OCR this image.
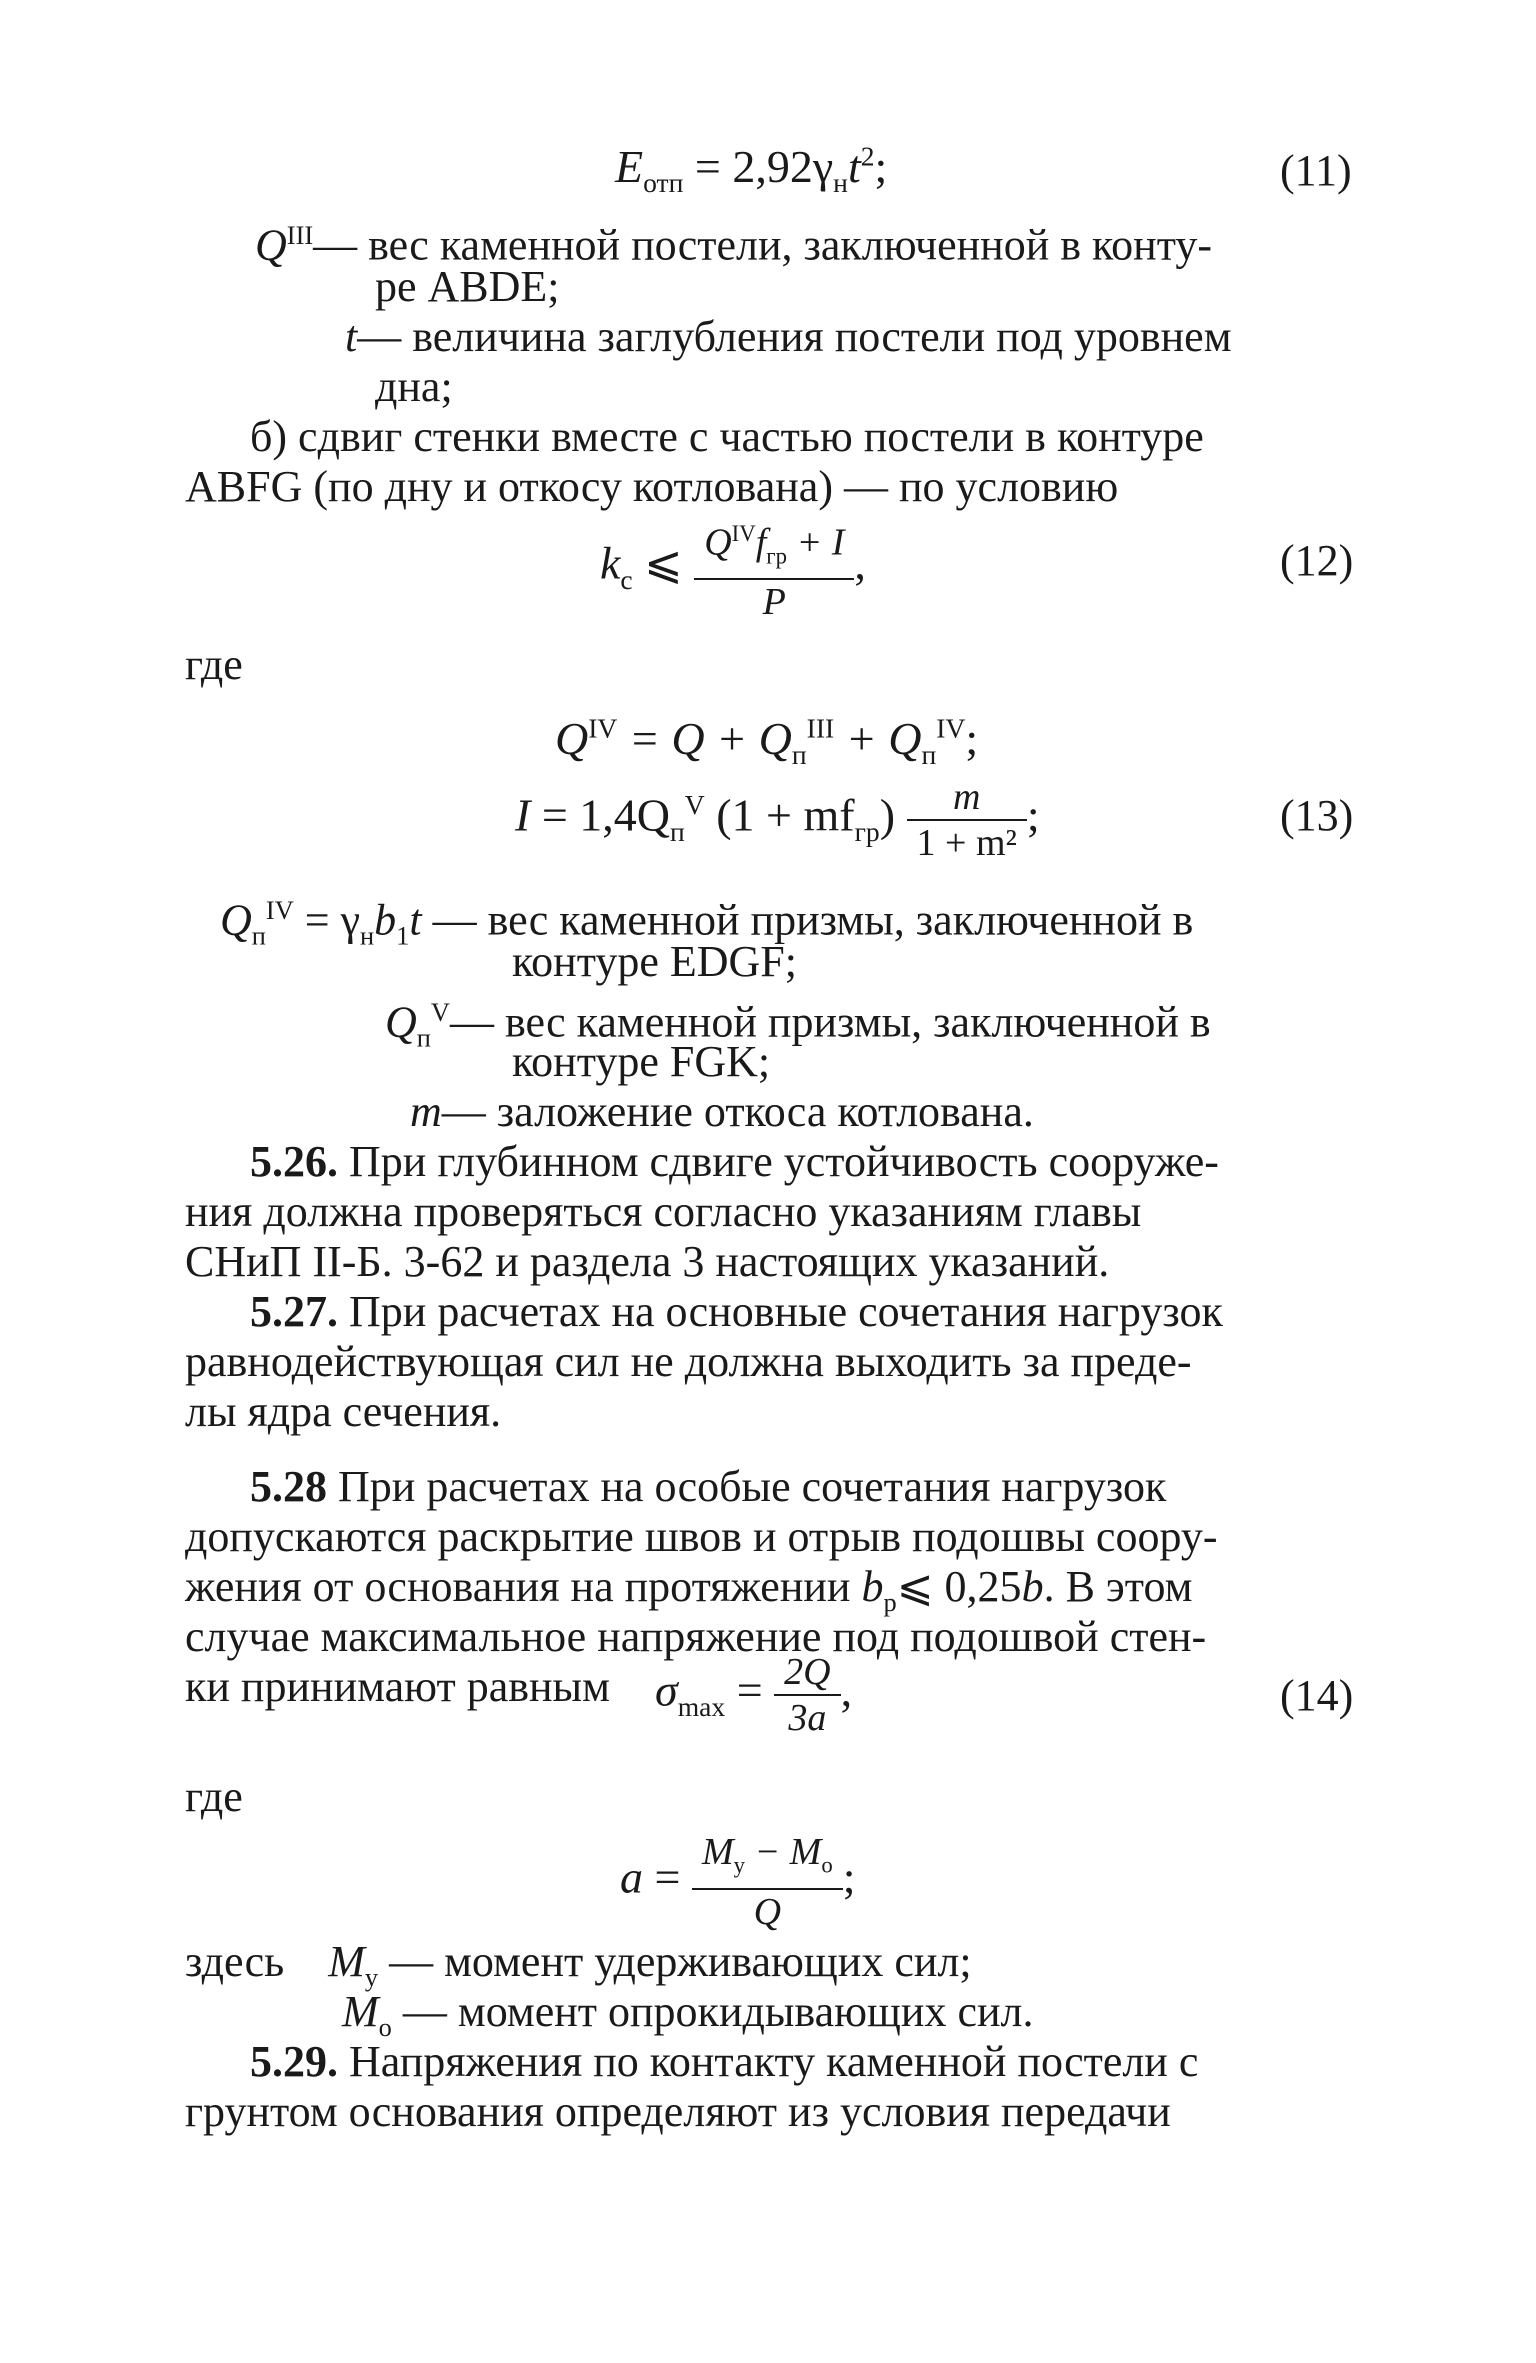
$E_{отп} = 2,92\gamma_нt^2$;	(11)
$Q^{III}—$ вес каменной постели, заключенной в конту-
ре ABDE;
t— величина заглубления постели под уровнем
дна;
б) сдвиг стенки вместе с частью постели в контуре
ABFG (по дну и откосу котлована) — по условию
$k_c$ ⩽ $\frac{Q^{IV}f_{гр} + I}{P}$ ,	(12)
где
$Q^{IV} = Q + Q_п^{III} + Q_п^{IV}$;
$I = 1,4Q_п^V$ $(1 + mf_{гр}) \frac{m}{\text{1 + m²}}$ ;	(13)
$Q_п^{IV} = \gamma_нb_1t$ — вес каменной призмы, заключенной в
контуре EDGF;
$Q_п^V—$ вес каменной призмы, заключенной в
контуре FGK;
m— заложение откоса котлована.
5.26. При глубинном сдвиге устойчивость сооруже-
ния должна проверяться согласно указаниям главы
СНиП II-Б. 3-62 и раздела 3 настоящих указаний.
5.27. При расчетах на основные сочетания нагрузок
равнодействующая сил не должна выходить за преде-
лы ядра сечения.
5.28 При расчетах на особые сочетания нагрузок
допускаются раскрытие швов и отрыв подошвы соору-
жения от основания на протяжении $b_p⩽$ 0,25b. В этом
случае максимальное напряжение под подошвой стен-
ки принимают равным $\sigma_{max} = \frac{2Q}{3a}$ ,	(14)
где
$a = \frac{M_y - M_o}{Q}$ ;
здесь $M_y$ — момент удерживающих сил;
$M_o$ — момент опрокидывающих сил.
5.29. Напряжения по контакту каменной постели с
грунтом основания определяют из условия передачи
